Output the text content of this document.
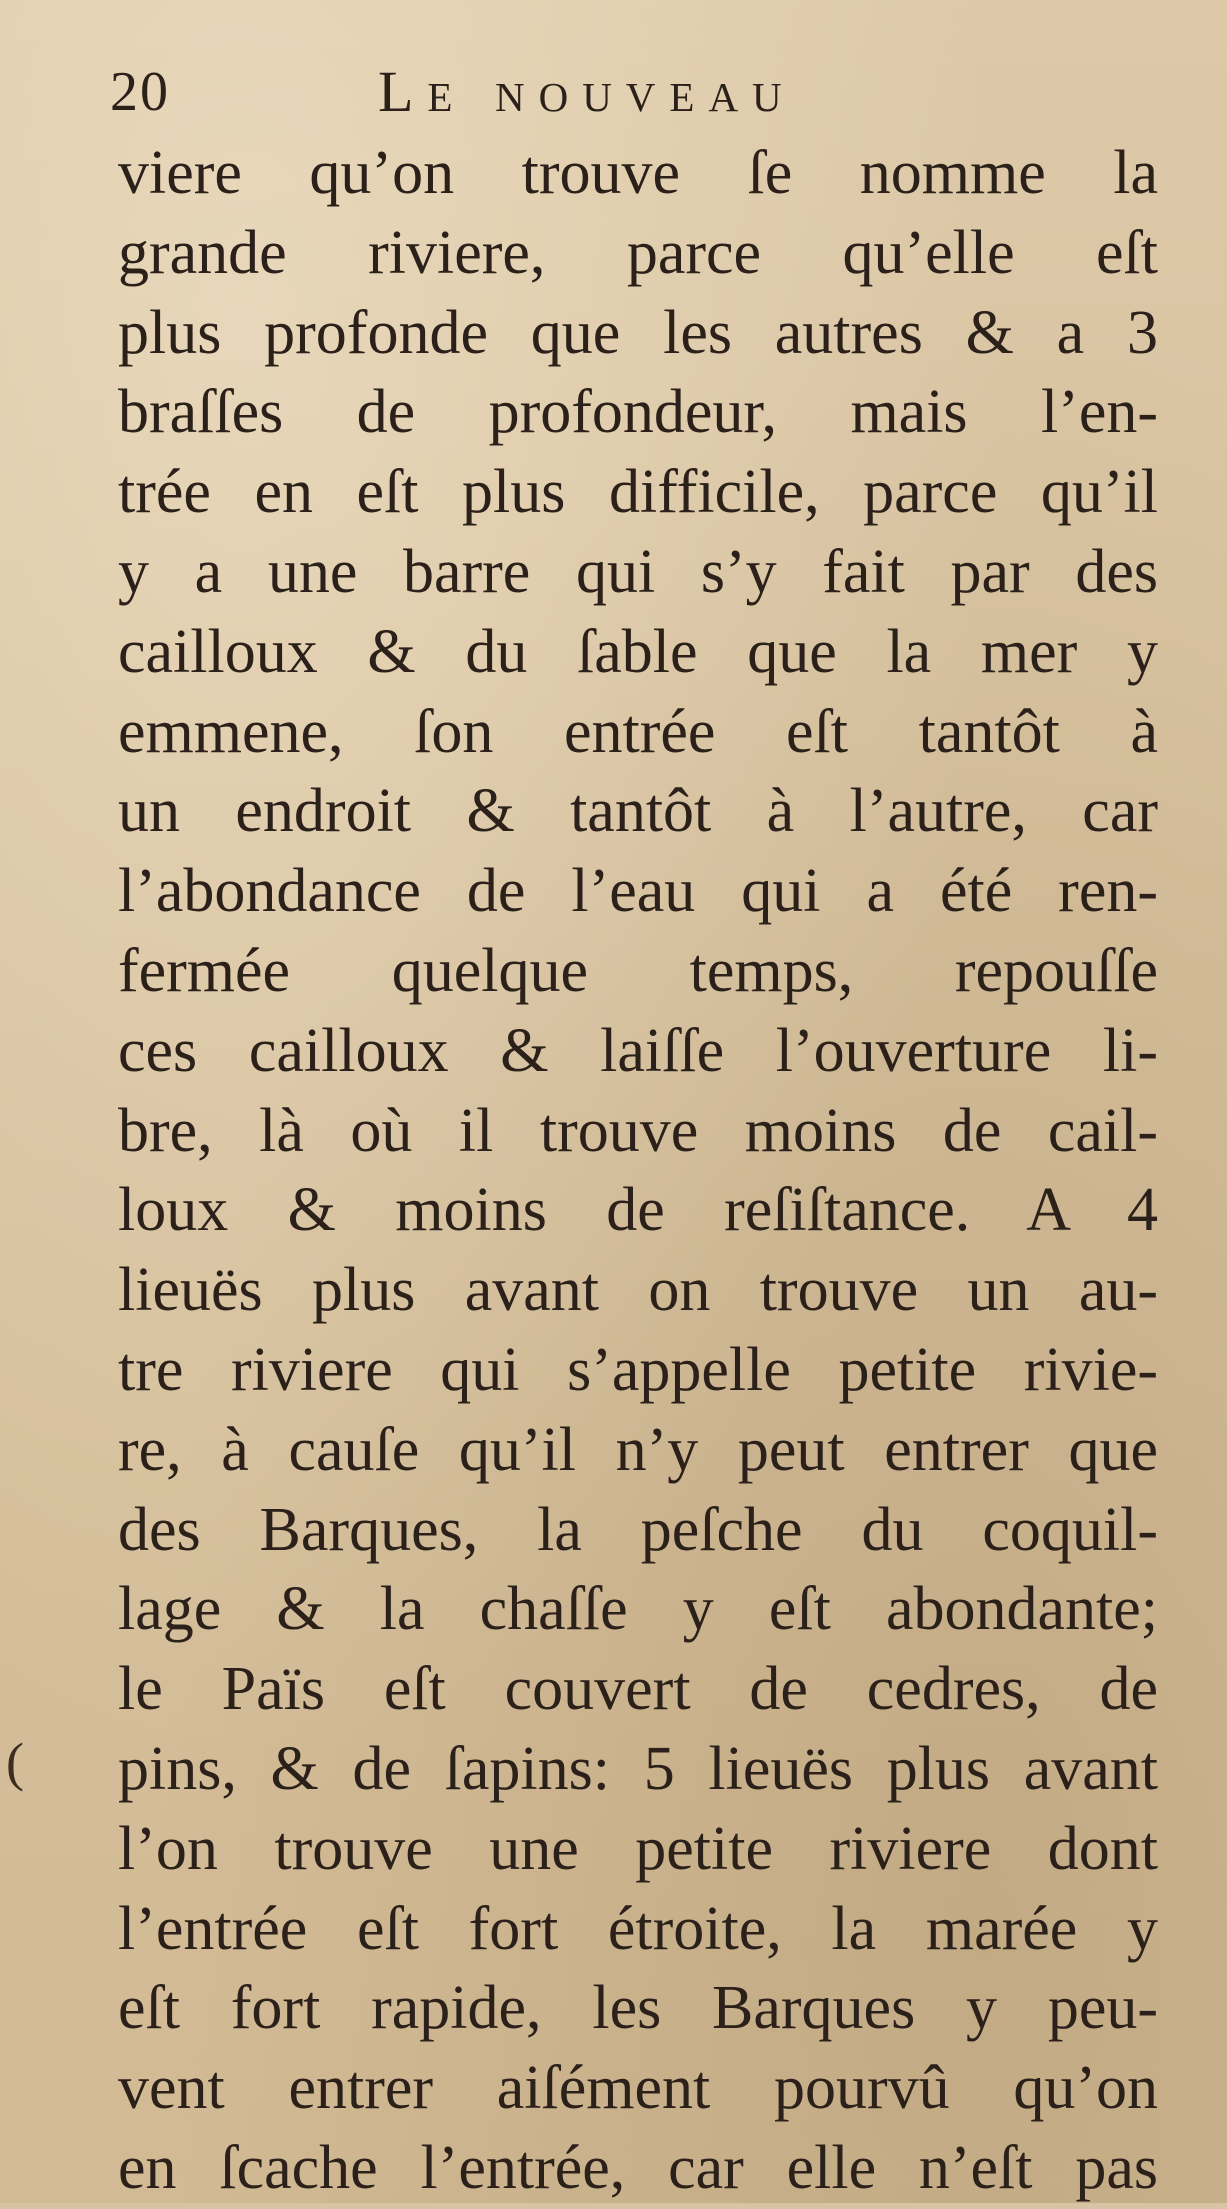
20	Le nouveau
viere qu’on trouve ſe nomme la
grande riviere, parce qu’elle eſt
plus profonde que les autres & a 3
braſſes de profondeur, mais l’en-
trée en eſt plus difficile, parce qu’il
y a une barre qui s’y fait par des
cailloux & du ſable que la mer y
emmene, ſon entrée eſt tantôt à
un endroit & tantôt à l’autre, car
l’abondance de l’eau qui a été ren-
fermée quelque temps, repouſſe
ces cailloux & laiſſe l’ouverture li-
bre, là où il trouve moins de cail-
loux & moins de reſiſtance. A 4
lieuës plus avant on trouve un au-
tre riviere qui s’appelle petite rivie-
re, à cauſe qu’il n’y peut entrer que
des Barques, la peſche du coquil-
lage & la chaſſe y eſt abondante;
le Païs eſt couvert de cedres, de
pins, & de ſapins: 5 lieuës plus avant
l’on trouve une petite riviere dont
l’entrée eſt fort étroite, la marée y
eſt fort rapide, les Barques y peu-
vent entrer aiſément pourvû qu’on
en ſcache l’entrée, car elle n’eſt pas
(
